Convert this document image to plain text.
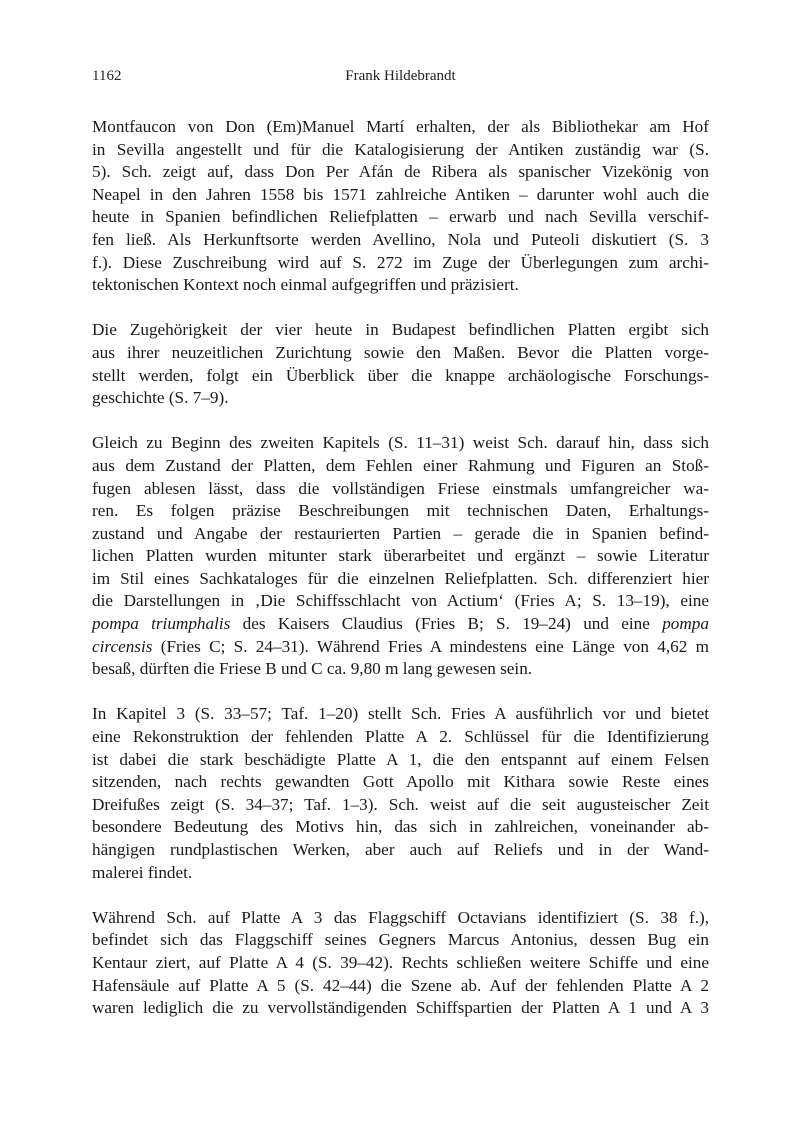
1162	Frank Hildebrandt

Montfaucon von Don (Em)Manuel Martí erhalten, der als Bibliothekar am Hof
in Sevilla angestellt und für die Katalogisierung der Antiken zuständig war (S.
5). Sch. zeigt auf, dass Don Per Afán de Ribera als spanischer Vizekönig von
Neapel in den Jahren 1558 bis 1571 zahlreiche Antiken – darunter wohl auch die
heute in Spanien befindlichen Reliefplatten – erwarb und nach Sevilla verschif-
fen ließ. Als Herkunftsorte werden Avellino, Nola und Puteoli diskutiert (S. 3
f.). Diese Zuschreibung wird auf S. 272 im Zuge der Überlegungen zum archi-
tektonischen Kontext noch einmal aufgegriffen und präzisiert.

Die Zugehörigkeit der vier heute in Budapest befindlichen Platten ergibt sich
aus ihrer neuzeitlichen Zurichtung sowie den Maßen. Bevor die Platten vorge-
stellt werden, folgt ein Überblick über die knappe archäologische Forschungs-
geschichte (S. 7–9).

Gleich zu Beginn des zweiten Kapitels (S. 11–31) weist Sch. darauf hin, dass sich
aus dem Zustand der Platten, dem Fehlen einer Rahmung und Figuren an Stoß-
fugen ablesen lässt, dass die vollständigen Friese einstmals umfangreicher wa-
ren. Es folgen präzise Beschreibungen mit technischen Daten, Erhaltungs-
zustand und Angabe der restaurierten Partien – gerade die in Spanien befind-
lichen Platten wurden mitunter stark überarbeitet und ergänzt – sowie Literatur
im Stil eines Sachkataloges für die einzelnen Reliefplatten. Sch. differenziert hier
die Darstellungen in ‚Die Schiffsschlacht von Actium‘ (Fries A; S. 13–19), eine
pompa triumphalis des Kaisers Claudius (Fries B; S. 19–24) und eine pompa
circensis (Fries C; S. 24–31). Während Fries A mindestens eine Länge von 4,62 m
besaß, dürften die Friese B und C ca. 9,80 m lang gewesen sein.

In Kapitel 3 (S. 33–57; Taf. 1–20) stellt Sch. Fries A ausführlich vor und bietet
eine Rekonstruktion der fehlenden Platte A 2. Schlüssel für die Identifizierung
ist dabei die stark beschädigte Platte A 1, die den entspannt auf einem Felsen
sitzenden, nach rechts gewandten Gott Apollo mit Kithara sowie Reste eines
Dreifußes zeigt (S. 34–37; Taf. 1–3). Sch. weist auf die seit augusteischer Zeit
besondere Bedeutung des Motivs hin, das sich in zahlreichen, voneinander ab-
hängigen rundplastischen Werken, aber auch auf Reliefs und in der Wand-
malerei findet.

Während Sch. auf Platte A 3 das Flaggschiff Octavians identifiziert (S. 38 f.),
befindet sich das Flaggschiff seines Gegners Marcus Antonius, dessen Bug ein
Kentaur ziert, auf Platte A 4 (S. 39–42). Rechts schließen weitere Schiffe und eine
Hafensäule auf Platte A 5 (S. 42–44) die Szene ab. Auf der fehlenden Platte A 2
waren lediglich die zu vervollständigenden Schiffspartien der Platten A 1 und A 3
